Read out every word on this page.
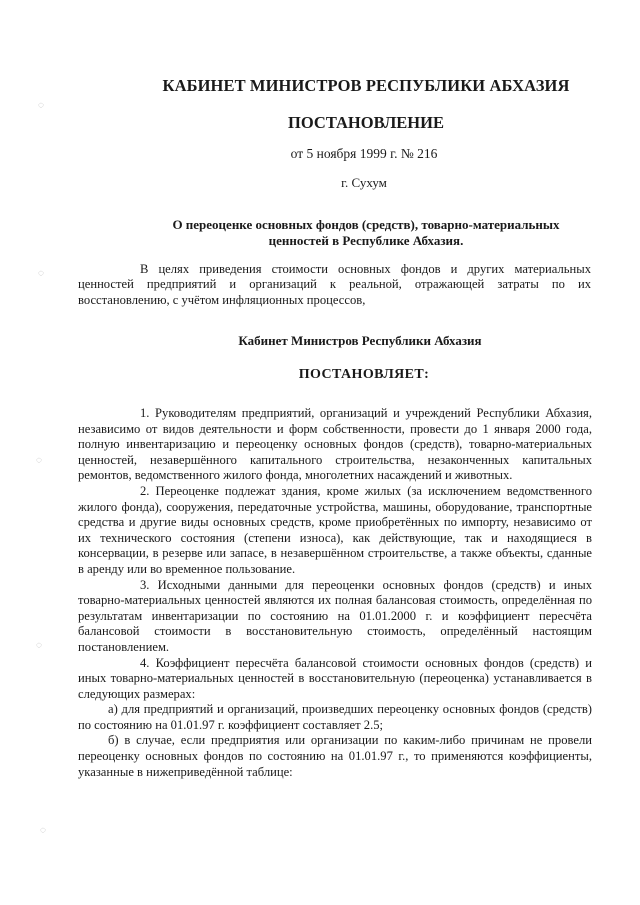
КАБИНЕТ МИНИСТРОВ РЕСПУБЛИКИ АБХАЗИЯ
ПОСТАНОВЛЕНИЕ
от 5 ноября 1999 г. № 216
г. Сухум
О переоценке основных фондов (средств), товарно-материальных
ценностей в Республике Абхазия.

В целях приведения стоимости основных фондов и других материальных ценностей предприятий и организаций к реальной, отражающей затраты по их восстановлению, с учётом инфляционных процессов,

Кабинет Министров Республики Абхазия
ПОСТАНОВЛЯЕТ:

1. Руководителям предприятий, организаций и учреждений Республики Абхазия, независимо от видов деятельности и форм собственности, провести до 1 января 2000 года, полную инвентаризацию и переоценку основных фондов (средств), товарно-материальных ценностей, незавершённого капитального строительства, незаконченных капитальных ремонтов, ведомственного жилого фонда, многолетних насаждений и животных.

2. Переоценке подлежат здания, кроме жилых (за исключением ведомственного жилого фонда), сооружения, передаточные устройства, машины, оборудование, транспортные средства и другие виды основных средств, кроме приобретённых по импорту, независимо от их технического состояния (степени износа), как действующие, так и находящиеся в консервации, в резерве или запасе, в незавершённом строительстве, а также объекты, сданные в аренду или во временное пользование.

3. Исходными данными для переоценки основных фондов (средств) и иных товарно-материальных ценностей являются их полная балансовая стоимость, определённая по результатам инвентаризации по состоянию на 01.01.2000 г. и коэффициент пересчёта балансовой стоимости в восстановительную стоимость, определённый настоящим постановлением.

4. Коэффициент пересчёта балансовой стоимости основных фондов (средств) и иных товарно-материальных ценностей в восстановительную (переоценка) устанавливается в следующих размерах:

а) для предприятий и организаций, произведших переоценку основных фондов (средств) по состоянию на 01.01.97 г. коэффициент составляет 2.5;

б) в случае, если предприятия или организации по каким-либо причинам не провели переоценку основных фондов по состоянию на 01.01.97 г., то применяются коэффициенты, указанные в нижеприведённой таблице:

◌
◌
◌
◌
◌
